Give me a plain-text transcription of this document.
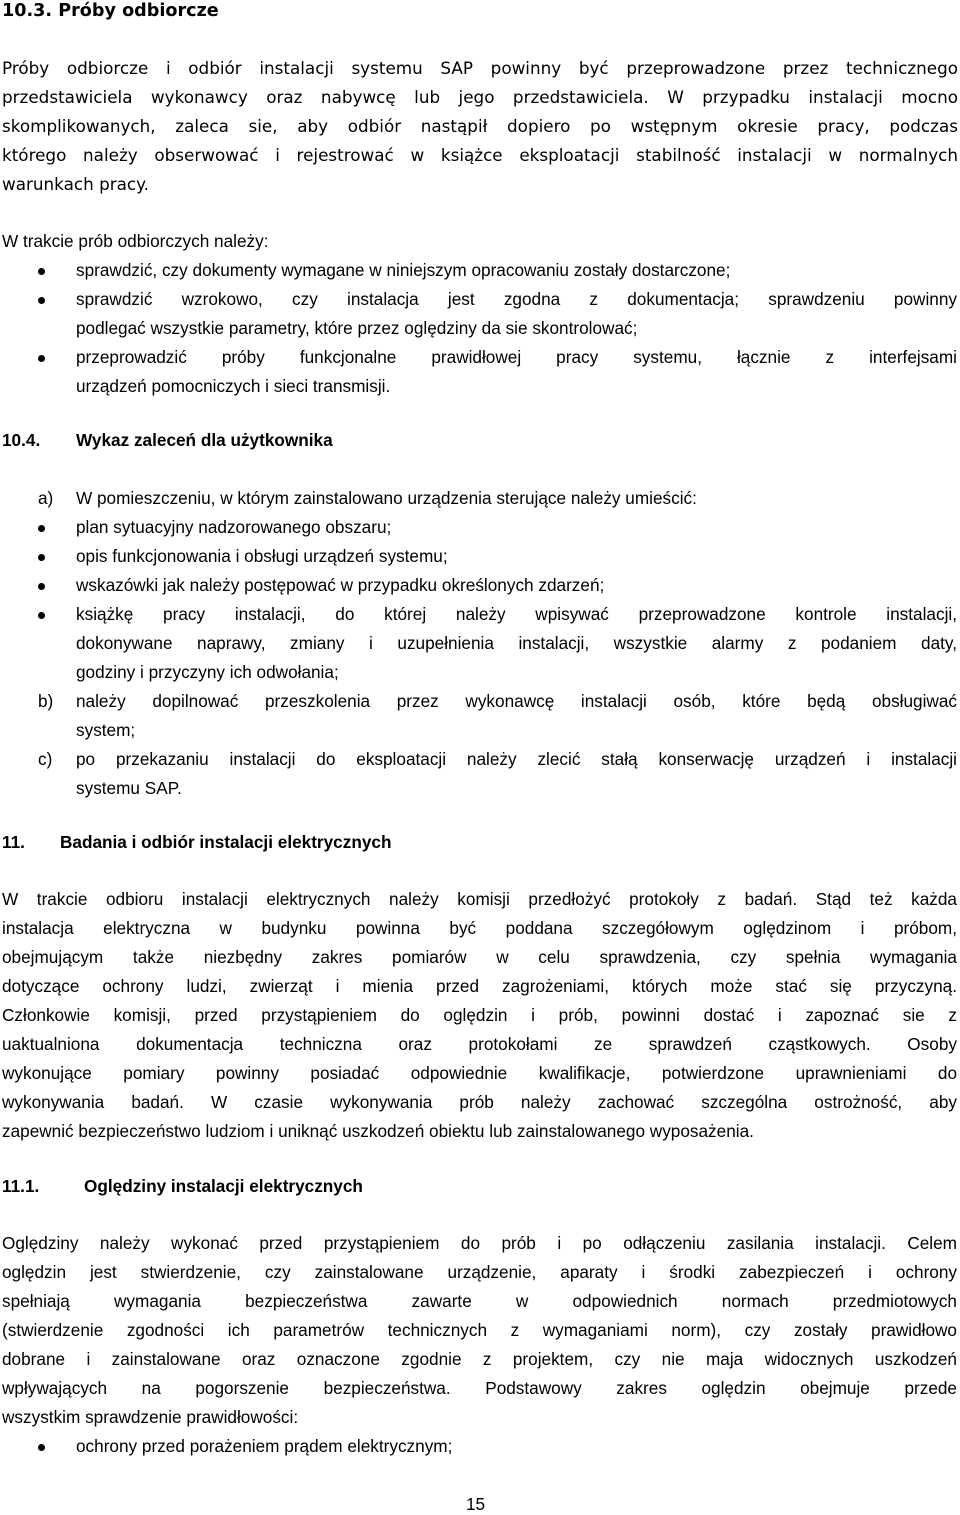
10.3. Próby odbiorcze
Próby odbiorcze i odbiór instalacji systemu SAP powinny być przeprowadzone przez technicznego
przedstawiciela wykonawcy oraz nabywcę lub jego przedstawiciela. W przypadku instalacji mocno
skomplikowanych, zaleca sie, aby odbiór nastąpił dopiero po wstępnym okresie pracy, podczas
którego należy obserwować i rejestrować w książce eksploatacji stabilność instalacji w normalnych
warunkach pracy.
W trakcie prób odbiorczych należy:
sprawdzić, czy dokumenty wymagane w niniejszym opracowaniu zostały dostarczone;
sprawdzić wzrokowo, czy instalacja jest zgodna z dokumentacja; sprawdzeniu powinny
podlegać wszystkie parametry, które przez oględziny da sie skontrolować;
przeprowadzić próby funkcjonalne prawidłowej pracy systemu, łącznie z interfejsami
urządzeń pomocniczych i sieci transmisji.
10.4. Wykaz zaleceń dla użytkownika
a) W pomieszczeniu, w którym zainstalowano urządzenia sterujące należy umieścić:
plan sytuacyjny nadzorowanego obszaru;
opis funkcjonowania i obsługi urządzeń systemu;
wskazówki jak należy postępować w przypadku określonych zdarzeń;
książkę pracy instalacji, do której należy wpisywać przeprowadzone kontrole instalacji,
dokonywane naprawy, zmiany i uzupełnienia instalacji, wszystkie alarmy z podaniem daty,
godziny i przyczyny ich odwołania;
b) należy dopilnować przeszkolenia przez wykonawcę instalacji osób, które będą obsługiwać
system;
c) po przekazaniu instalacji do eksploatacji należy zlecić stałą konserwację urządzeń i instalacji
systemu SAP.
11. Badania i odbiór instalacji elektrycznych
W trakcie odbioru instalacji elektrycznych należy komisji przedłożyć protokoły z badań. Stąd też każda
instalacja elektryczna w budynku powinna być poddana szczegółowym oględzinom i próbom,
obejmującym także niezbędny zakres pomiarów w celu sprawdzenia, czy spełnia wymagania
dotyczące ochrony ludzi, zwierząt i mienia przed zagrożeniami, których może stać się przyczyną.
Członkowie komisji, przed przystąpieniem do oględzin i prób, powinni dostać i zapoznać sie z
uaktualniona dokumentacja techniczna oraz protokołami ze sprawdzeń cząstkowych. Osoby
wykonujące pomiary powinny posiadać odpowiednie kwalifikacje, potwierdzone uprawnieniami do
wykonywania badań. W czasie wykonywania prób należy zachować szczególna ostrożność, aby
zapewnić bezpieczeństwo ludziom i uniknąć uszkodzeń obiektu lub zainstalowanego wyposażenia.
11.1.	Oględziny instalacji elektrycznych
Oględziny należy wykonać przed przystąpieniem do prób i po odłączeniu zasilania instalacji. Celem
oględzin jest stwierdzenie, czy zainstalowane urządzenie, aparaty i środki zabezpieczeń i ochrony
spełniają wymagania bezpieczeństwa zawarte w odpowiednich normach przedmiotowych
(stwierdzenie zgodności ich parametrów technicznych z wymaganiami norm), czy zostały prawidłowo
dobrane i zainstalowane oraz oznaczone zgodnie z projektem, czy nie maja widocznych uszkodzeń
wpływających na pogorszenie bezpieczeństwa. Podstawowy zakres oględzin obejmuje przede
wszystkim sprawdzenie prawidłowości:
ochrony przed porażeniem prądem elektrycznym;
15
